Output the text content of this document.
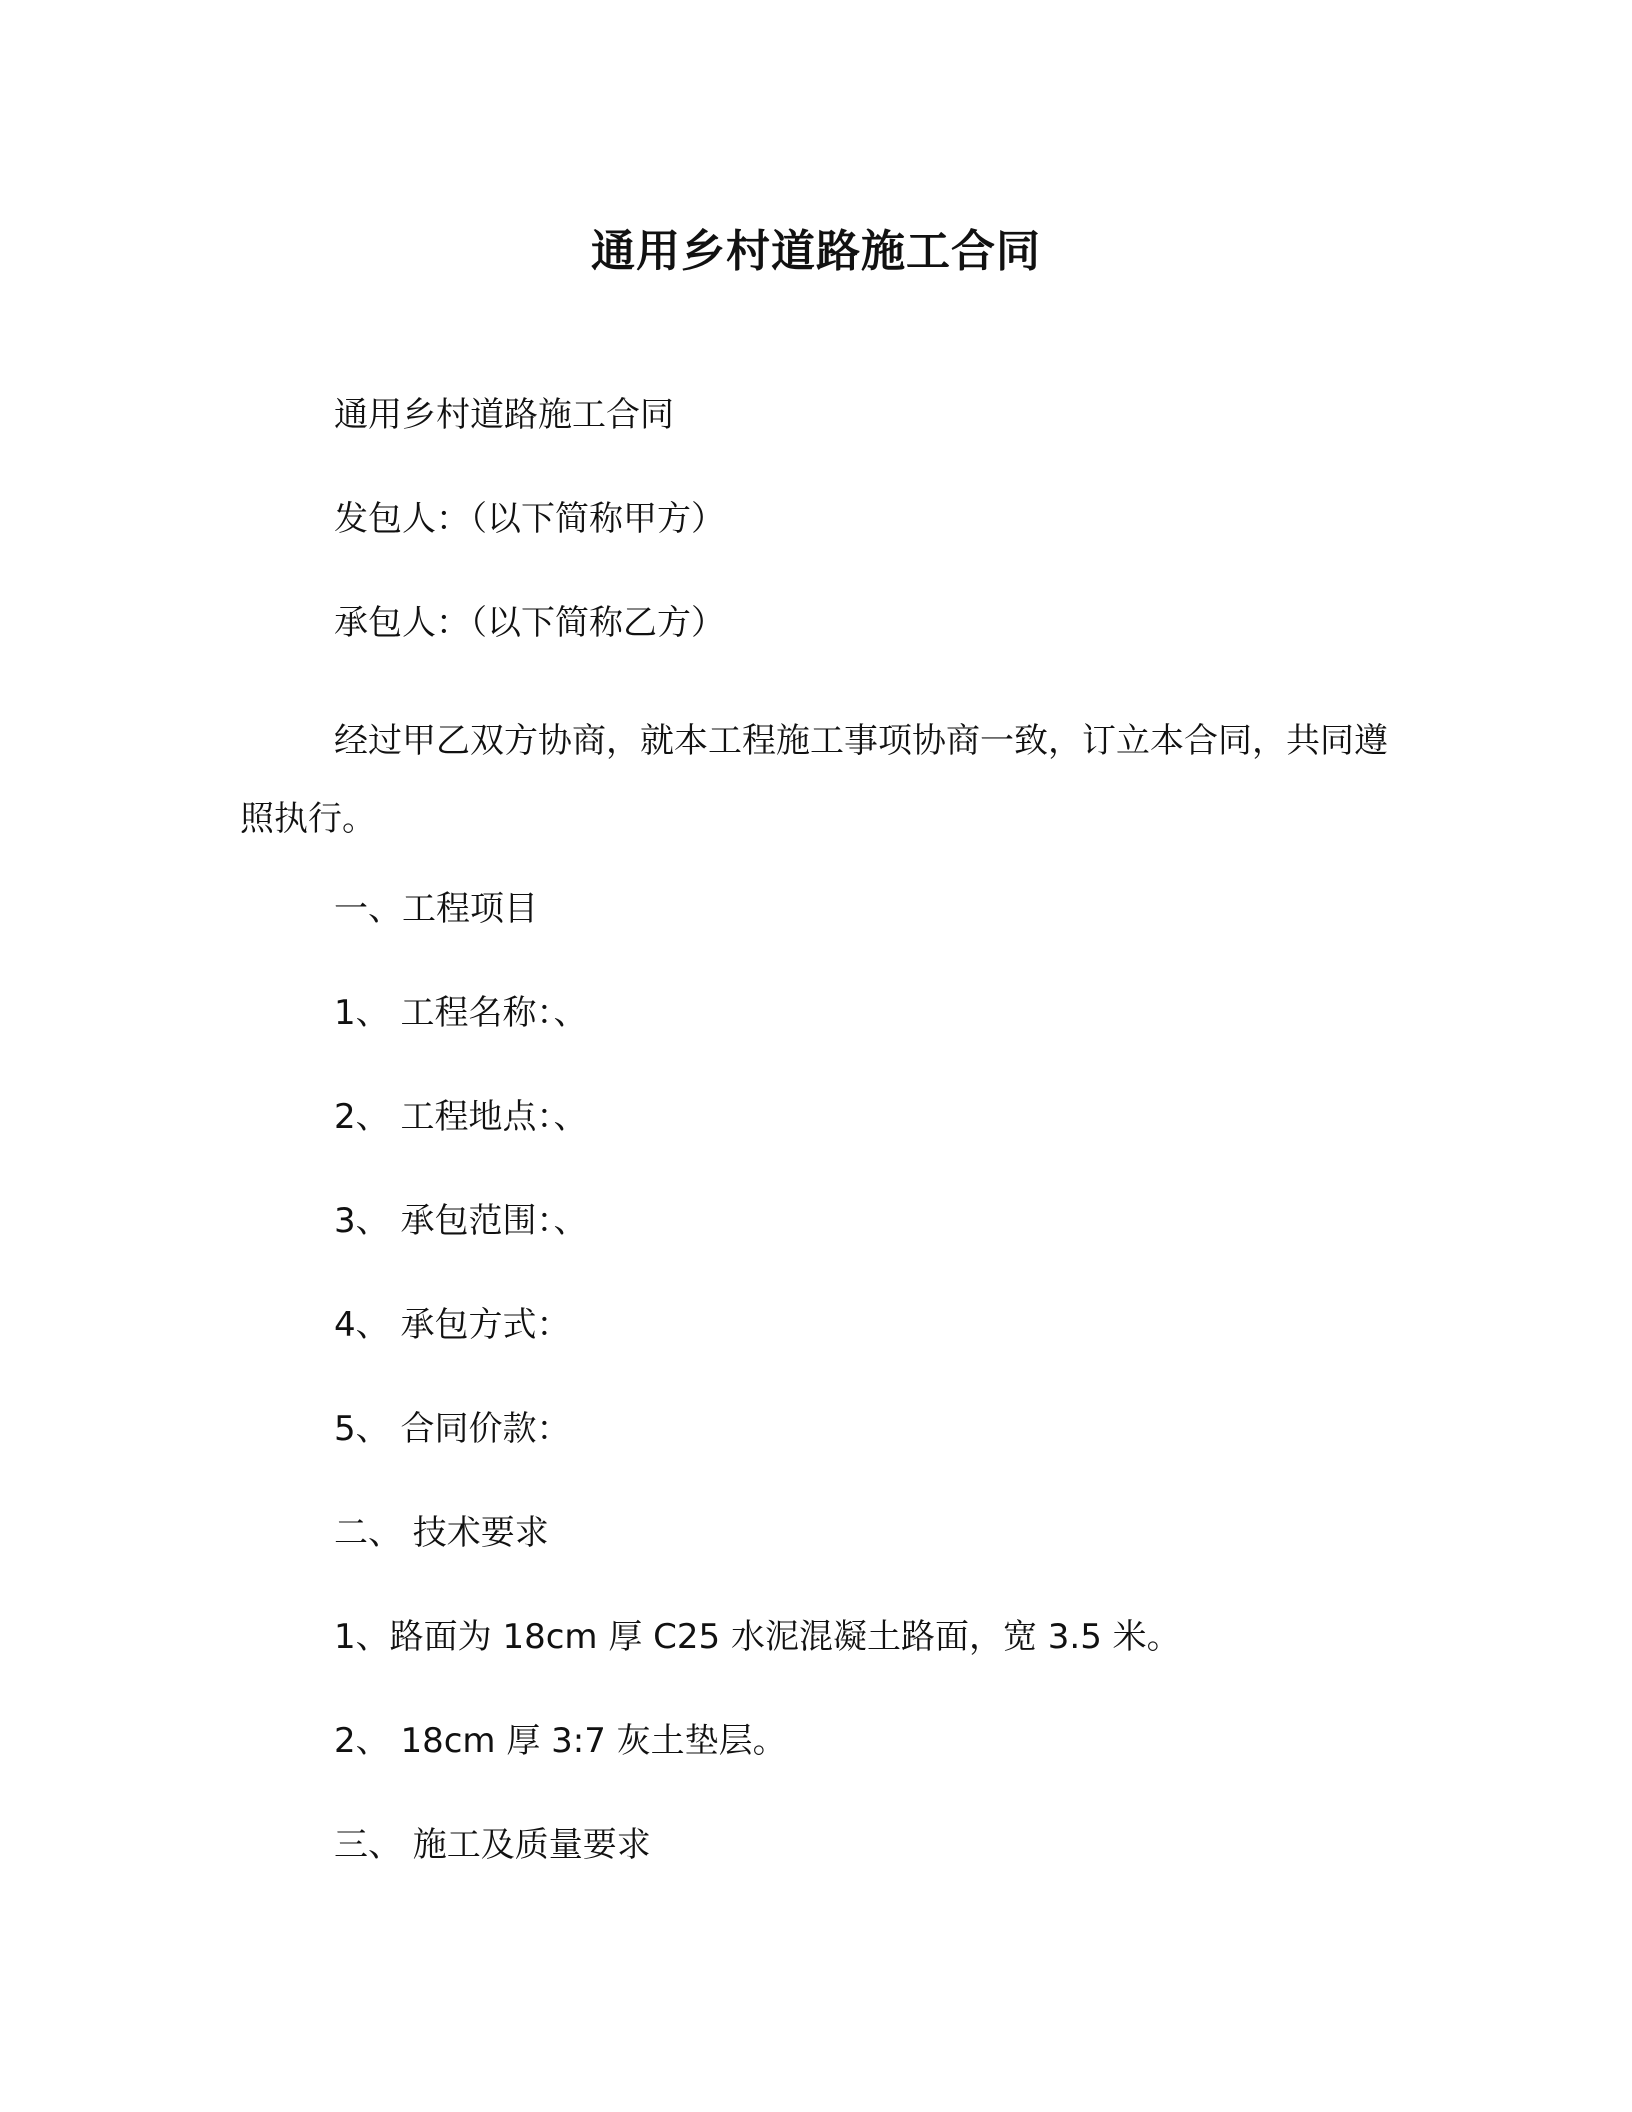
通用乡村道路施工合同

通用乡村道路施工合同

发包人：（以下简称甲方）

承包人：（以下简称乙方）

经过甲乙双方协商，就本工程施工事项协商一致，订立本合同，共同遵照执行。

一、工程项目

1、 工程名称：、

2、 工程地点：、

3、 承包范围：、

4、 承包方式：

5、 合同价款：

二、 技术要求

1、路面为 18cm 厚 C25 水泥混凝土路面，宽 3.5 米。

2、 18cm 厚 3:7 灰土垫层。

三、 施工及质量要求
